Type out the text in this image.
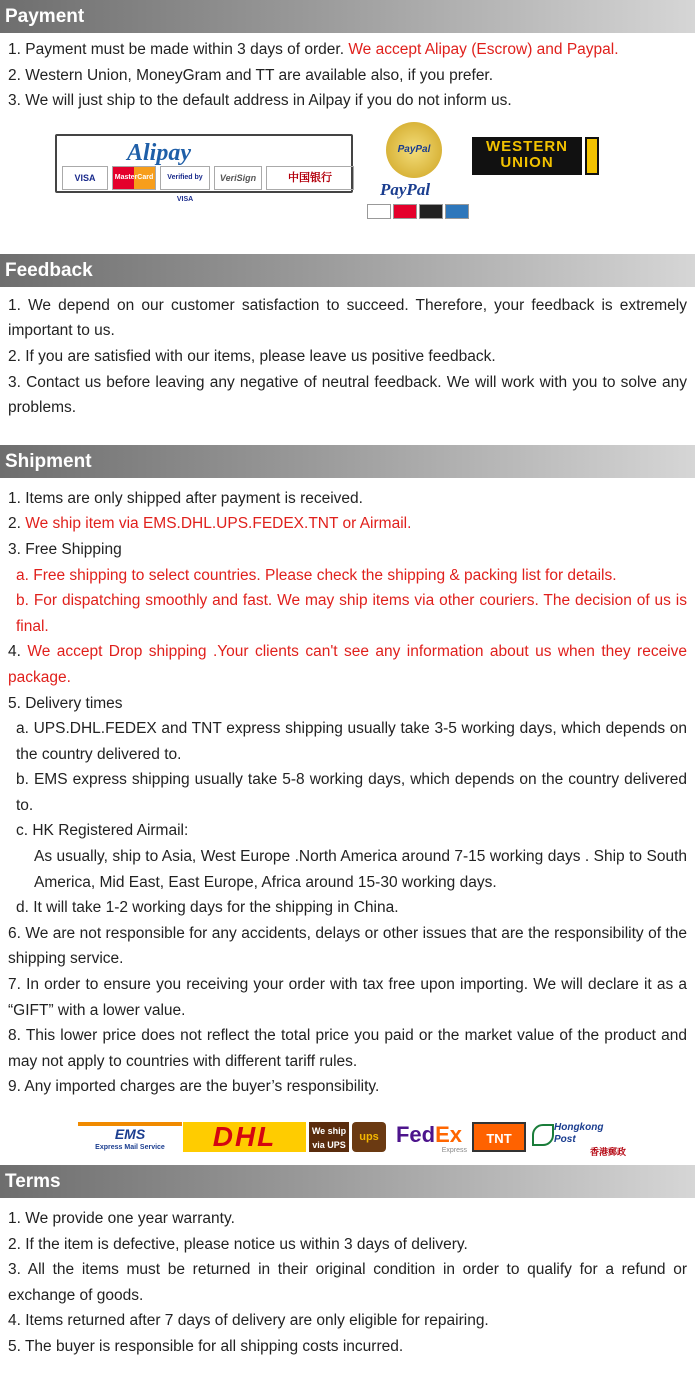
Payment

1. Payment must be made within 3 days of order. We accept Alipay (Escrow) and Paypal.

2. Western Union, MoneyGram and TT are available also, if you prefer.

3. We will just ship to the default address in Ailpay if you do not inform us.

Alipay
VISA	MasterCard	Verified by VISA
VeriSign	中国银行
PayPal	WESTERN
UNION
PayPal
Feedback

1. We depend on our customer satisfaction to succeed. Therefore, your feedback is extremely important to us.

2. If you are satisfied with our items, please leave us positive feedback.

3. Contact us before leaving any negative of neutral feedback. We will work with you to solve any problems.

Shipment

1. Items are only shipped after payment is received.

2. We ship item via EMS.DHL.UPS.FEDEX.TNT or Airmail.

3. Free Shipping

a. Free shipping to select countries. Please check the shipping & packing list for details.

b. For dispatching smoothly and fast. We may ship items via other couriers. The decision of us is final.

4. We accept Drop shipping .Your clients can't see any information about us when they receive package.

5. Delivery times

a. UPS.DHL.FEDEX and TNT express shipping usually take 3-5 working days, which depends on the country delivered to.

b. EMS express shipping usually take 5-8 working days, which depends on the country delivered to.

c. HK Registered Airmail:

As usually, ship to Asia, West Europe .North America around 7-15 working days . Ship to South America, Mid East, East Europe, Africa around 15-30 working days.

d. It will take 1-2 working days for the shipping in China.

6. We are not responsible for any accidents, delays or other issues that are the responsibility of the shipping service.

7. In order to ensure you receiving your order with tax free upon importing. We will declare it as a “GIFT” with a lower value.

8. This lower price does not reflect the total price you paid or the market value of the product and may not apply to countries with different tariff rules.

9. Any imported charges are the buyer’s responsibility.

EMS
Express Mail Service	DHL	We ship via UPS
ups FedEx
Express
TNT
Hongkong Post
香港郵政
Terms

1. We provide one year warranty.

2. If the item is defective, please notice us within 3 days of delivery.

3. All the items must be returned in their original condition in order to qualify for a refund or exchange of goods.

4. Items returned after 7 days of delivery are only eligible for repairing.

5. The buyer is responsible for all shipping costs incurred.
